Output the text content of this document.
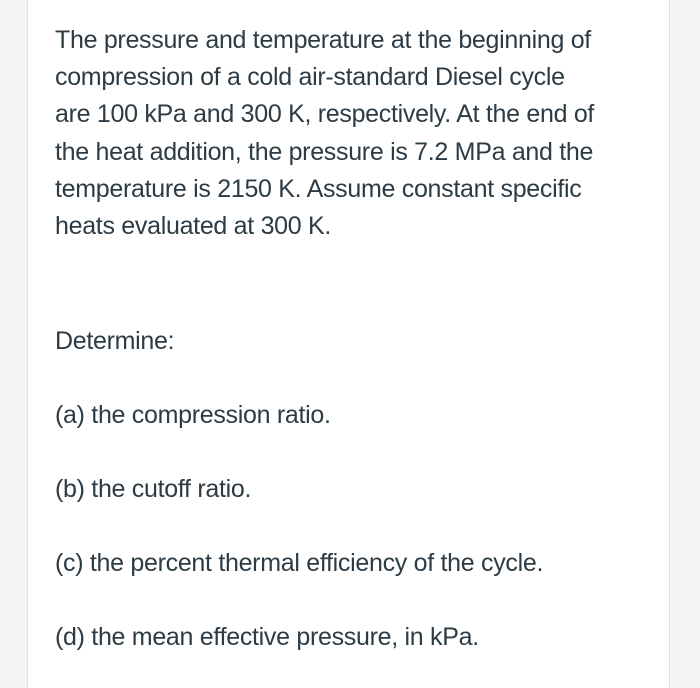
The pressure and temperature at the beginning of
compression of a cold air-standard Diesel cycle
are 100 kPa and 300 K, respectively. At the end of
the heat addition, the pressure is 7.2 MPa and the
temperature is 2150 K. Assume constant specific
heats evaluated at 300 K.

Determine:

(a) the compression ratio.

(b) the cutoff ratio.

(c) the percent thermal efficiency of the cycle.

(d) the mean effective pressure, in kPa.
